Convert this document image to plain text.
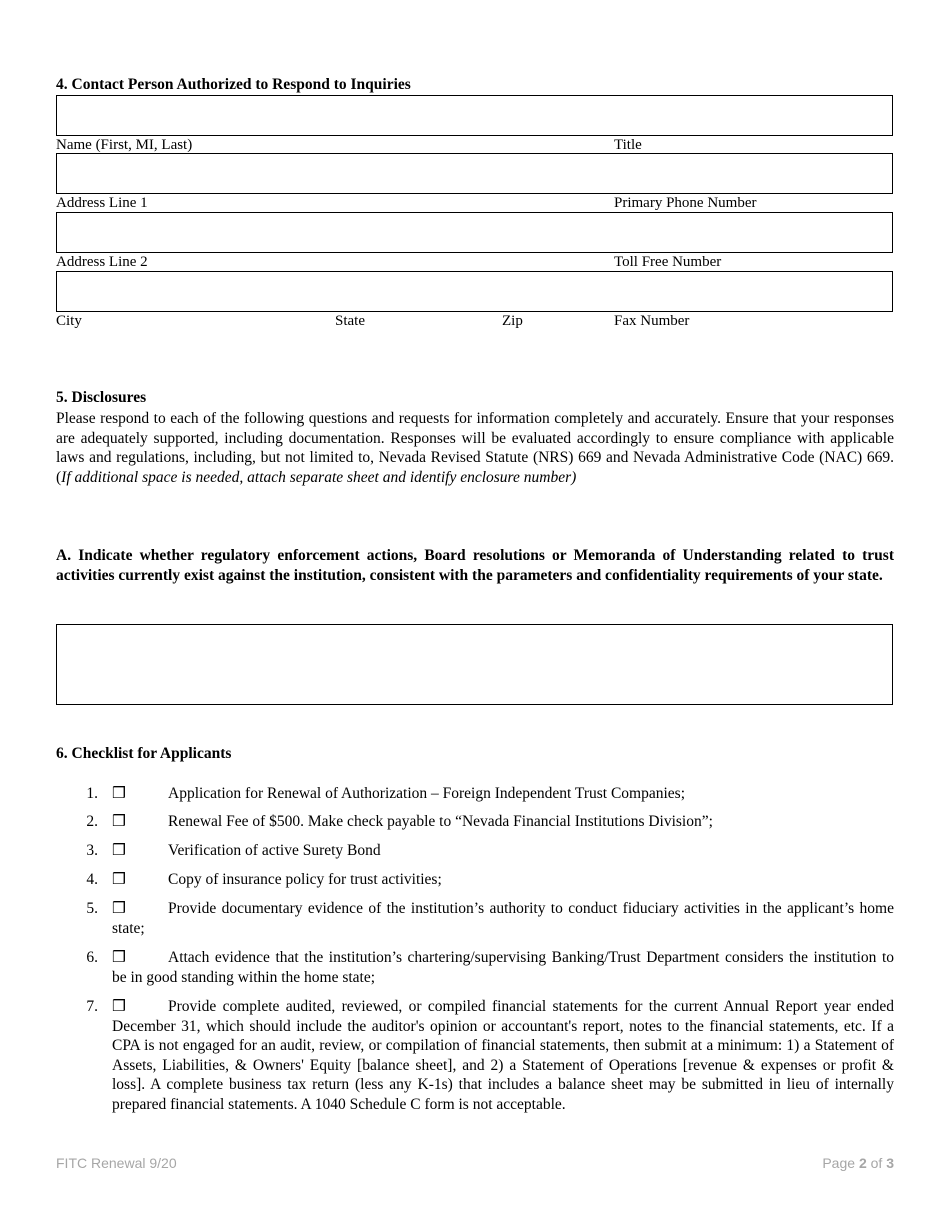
4. Contact Person Authorized to Respond to Inquiries
Name (First, MI, Last)	Title
Address Line 1	Primary Phone Number
Address Line 2	Toll Free Number
City	State	Zip	Fax Number
5. Disclosures
Please respond to each of the following questions and requests for information completely and accurately. Ensure that your responses are adequately supported, including documentation. Responses will be evaluated accordingly to ensure compliance with applicable laws and regulations, including, but not limited to, Nevada Revised Statute (NRS) 669 and Nevada Administrative Code (NAC) 669. (If additional space is needed, attach separate sheet and identify enclosure number)
A. Indicate whether regulatory enforcement actions, Board resolutions or Memoranda of Understanding related to trust activities currently exist against the institution, consistent with the parameters and confidentiality requirements of your state.
6. Checklist for Applicants
1. ❒	Application for Renewal of Authorization – Foreign Independent Trust Companies;
2. ❒	Renewal Fee of $500. Make check payable to “Nevada Financial Institutions Division”;
3. ❒	Verification of active Surety Bond
4. ❒	Copy of insurance policy for trust activities;
5. ❒	Provide documentary evidence of the institution’s authority to conduct fiduciary activities in the applicant’s home state;
6. ❒	Attach evidence that the institution’s chartering/supervising Banking/Trust Department considers the institution to be in good standing within the home state;
7. ❒	Provide complete audited, reviewed, or compiled financial statements for the current Annual Report year ended December 31, which should include the auditor's opinion or accountant's report, notes to the financial statements, etc. If a CPA is not engaged for an audit, review, or compilation of financial statements, then submit at a minimum: 1) a Statement of Assets, Liabilities, & Owners' Equity [balance sheet], and 2) a Statement of Operations [revenue & expenses or profit & loss]. A complete business tax return (less any K-1s) that includes a balance sheet may be submitted in lieu of internally prepared financial statements. A 1040 Schedule C form is not acceptable.
FITC Renewal 9/20	Page 2 of 3
